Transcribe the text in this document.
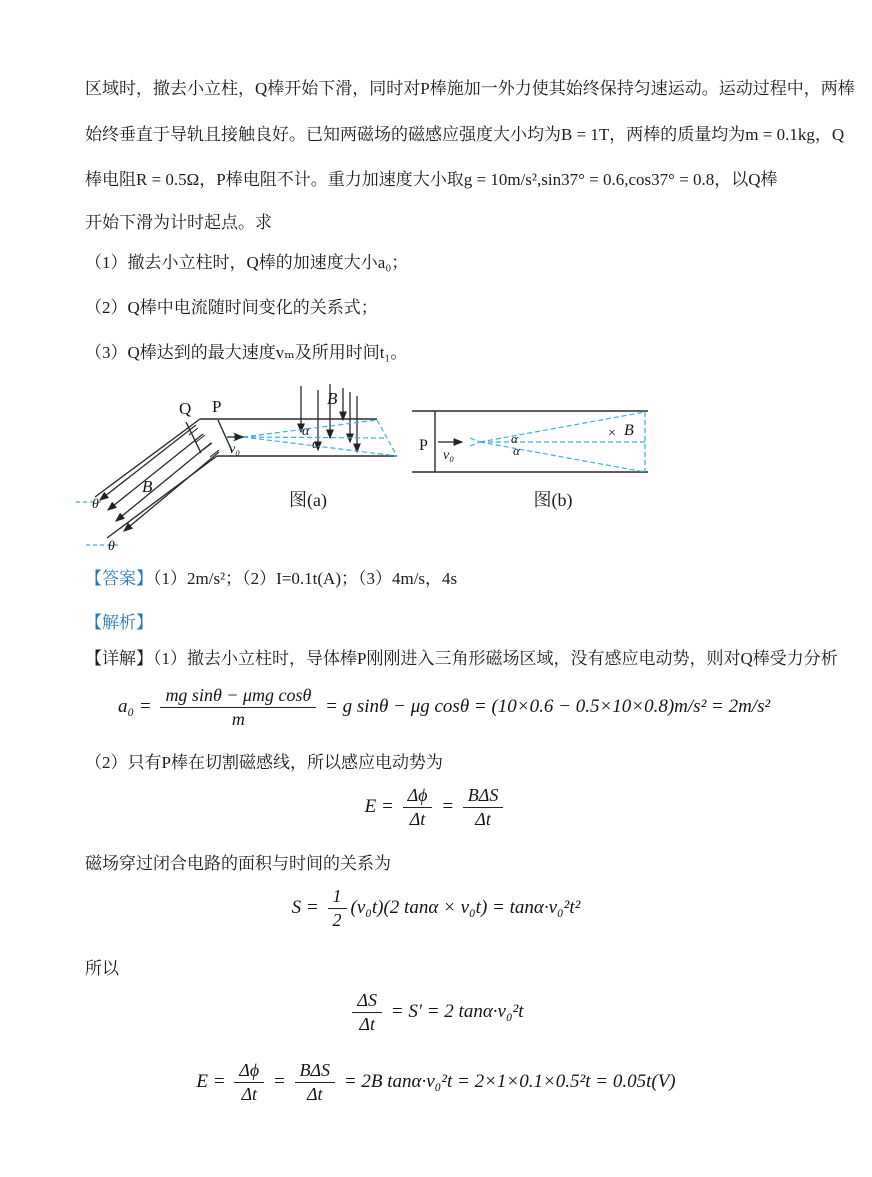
区域时，撤去小立柱，Q棒开始下滑，同时对P棒施加一外力使其始终保持匀速运动。运动过程中，两棒
始终垂直于导轨且接触良好。已知两磁场的磁感应强度大小均为B = 1T，两棒的质量均为m = 0.1kg，Q
棒电阻R = 0.5Ω，P棒电阻不计。重力加速度大小取g = 10m/s²,sin37° = 0.6,cos37° = 0.8，以Q棒
开始下滑为计时起点。求
（1）撤去小立柱时，Q棒的加速度大小a₀；
（2）Q棒中电流随时间变化的关系式；
（3）Q棒达到的最大速度vₘ及所用时间t₁。
Q P
B
B
θ
θ
v₀
α
α
图(a)
P
v₀
α
α
× B
图(b)
【答案】（1）2m/s²；（2）I=0.1t(A)；（3）4m/s，4s
【解析】
【详解】（1）撤去小立柱时，导体棒P刚刚进入三角形磁场区域，没有感应电动势，则对Q棒受力分析
$a_0 = \frac{\text{mg sinθ − μmg cosθ}}{m} = g$ sinθ − μg cosθ = (10×0.6 − 0.5×10×0.8)m/s² = 2m/s²
（2）只有P棒在切割磁感线，所以感应电动势为
$E = \frac{\Delta\phi}{\Delta t} = \frac{\text{BΔS}}{\Delta t}$
磁场穿过闭合电路的面积与时间的关系为
$S = \frac{1}{2} (v_0t)(2$ tanα × v₀t) = tanα·v₀²t²
所以
$\frac{\Delta S}{\Delta t} = S' = 2$ tanα·v₀²t
$E = \frac{\Delta\phi}{\Delta t} = \frac{\text{BΔS}}{\Delta t} = 2B$ tanα·v₀²t = 2×1×0.1×0.5²t = 0.05t(V)
